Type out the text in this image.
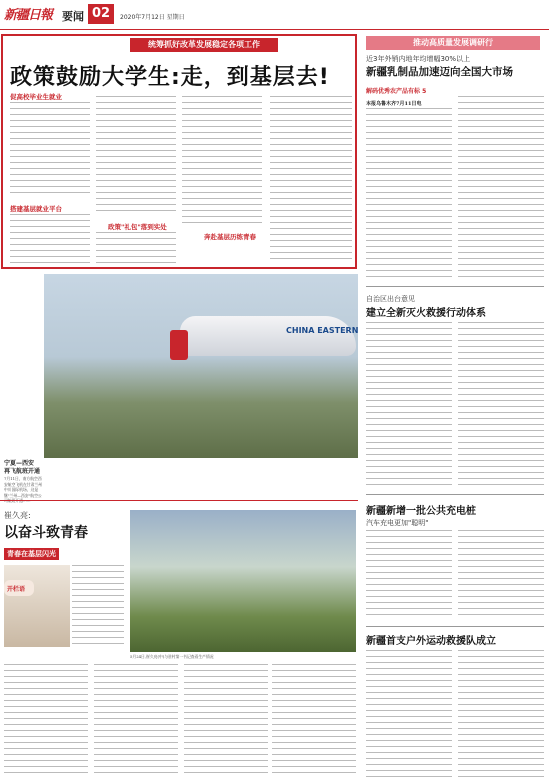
新疆日報	02
要闻	2020年7月12日 星期日
统筹抓好改革发展稳定各项工作
政策鼓励大学生:走，到基层去!
促高校毕业生就业
搭建基层就业平台
政策"礼包"落到实处
奔赴基层历练青春
推动高质量发展调研行
近3年外销内地年均增幅30%以上
新疆乳制品加速迈向全国大市场
解码优秀农产品有标 5
本报乌鲁木齐7月11日电
CHINA EASTERN
宁夏—西安
再飞航班开通
7月11日，南方航空西安航空飞机在甘肃兰州中川国际机场，这是继"兰州—西安"航空公
自治区出台意见
建立全新灭火救援行动体系
崔久亮:
以奋斗致青春
青春在基层闪光
开栏语
5月24日,崔久亮(中)与驻村第一书记查看生产情况
新疆新增一批公共充电桩
汽车充电更加"聪明"
新疆首支户外运动救援队成立
